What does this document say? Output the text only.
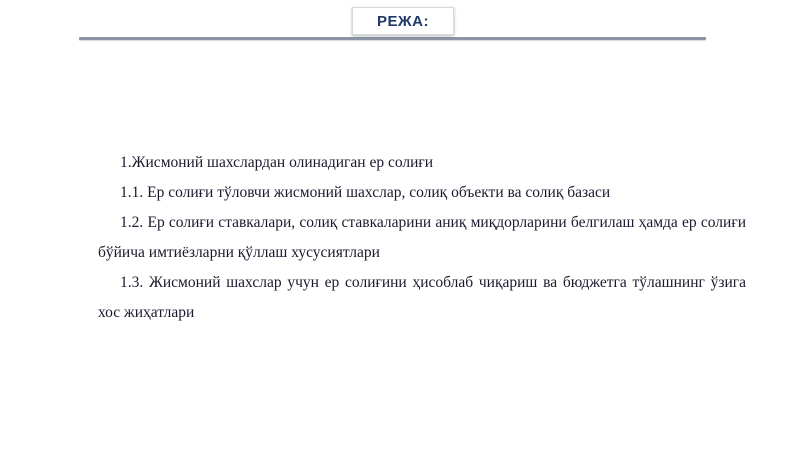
РЕЖА:

1.Жисмоний шахслардан олинадиган ер солиғи

1.1. Ер солиғи тўловчи жисмоний шахслар, солиқ объекти ва солиқ базаси

1.2. Ер солиғи ставкалари, солиқ ставкаларини аниқ миқдорларини белгилаш ҳамда ер солиғи бўйича имтиёзларни қўллаш хусусиятлари

1.3. Жисмоний шахслар учун ер солиғини ҳисоблаб чиқариш ва бюджетга тўлашнинг ўзига хос жиҳатлари
